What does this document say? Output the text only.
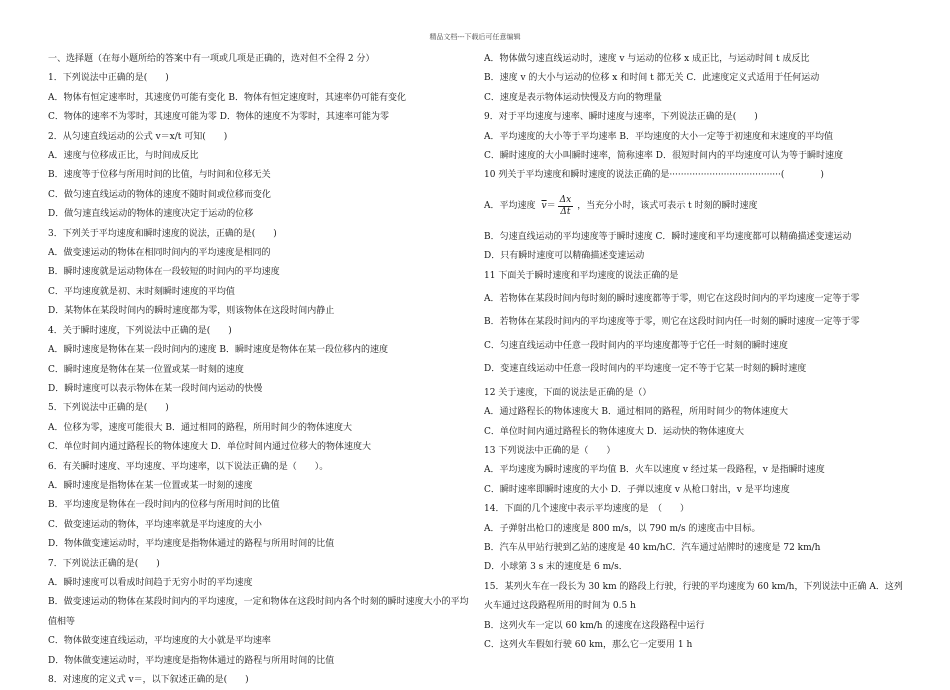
精品文档---下载后可任意编辑
一、选择题（在每小题所给的答案中有一项或几项是正确的，选对但不全得 2 分）
1．下列说法中正确的是(　　)
A．物体有恒定速率时，其速度仍可能有变化 B．物体有恒定速度时，其速率仍可能有变化
C．物体的速率不为零时，其速度可能为零 D．物体的速度不为零时，其速率可能为零
2．从匀速直线运动的公式 v＝x/t 可知(　　)
A．速度与位移成正比，与时间成反比
B．速度等于位移与所用时间的比值，与时间和位移无关
C．做匀速直线运动的物体的速度不随时间或位移而变化
D．做匀速直线运动的物体的速度决定于运动的位移
3．下列关于平均速度和瞬时速度的说法，正确的是(　　)
A．做变速运动的物体在相同时间内的平均速度是相同的
B．瞬时速度就是运动物体在一段较短的时间内的平均速度
C．平均速度就是初、末时刻瞬时速度的平均值
D．某物体在某段时间内的瞬时速度都为零，则该物体在这段时间内静止
4．关于瞬时速度，下列说法中正确的是(　　)
A．瞬时速度是物体在某一段时间内的速度 B．瞬时速度是物体在某一段位移内的速度
C．瞬时速度是物体在某一位置或某一时刻的速度
D．瞬时速度可以表示物体在某一段时间内运动的快慢
5．下列说法中正确的是(　　)
A．位移为零，速度可能很大 B．通过相同的路程，所用时间少的物体速度大
C．单位时间内通过路程长的物体速度大 D．单位时间内通过位移大的物体速度大
6．有关瞬时速度、平均速度、平均速率，以下说法正确的是（　　）。
A．瞬时速度是指物体在某一位置或某一时刻的速度
B．平均速度是物体在一段时间内的位移与所用时间的比值
C．做变速运动的物体，平均速率就是平均速度的大小
D．物体做变速运动时，平均速度是指物体通过的路程与所用时间的比值
7．下列说法正确的是(　　)
A．瞬时速度可以看成时间趋于无穷小时的平均速度
B．做变速运动的物体在某段时间内的平均速度，一定和物体在这段时间内各个时刻的瞬时速度大小的平均值相等
C．物体做变速直线运动，平均速度的大小就是平均速率
D．物体做变速运动时，平均速度是指物体通过的路程与所用时间的比值
8．对速度的定义式 v＝，以下叙述正确的是(　　)
A．物体做匀速直线运动时，速度 v 与运动的位移 x 成正比，与运动时间 t 成反比
B．速度 v 的大小与运动的位移 x 和时间 t 都无关 C．此速度定义式适用于任何运动
C．速度是表示物体运动快慢及方向的物理量
9．对于平均速度与速率、瞬时速度与速率，下列说法正确的是(　　)
A．平均速度的大小等于平均速率 B．平均速度的大小一定等于初速度和末速度的平均值
C．瞬时速度的大小叫瞬时速率，简称速率 D．很短时间内的平均速度可认为等于瞬时速度
10 列关于平均速度和瞬时速度的说法正确的是·······································(　　　　)
A．平均速度 $\overline{v} = \frac{\Delta x}{\Delta t}$ ，当充分小时，该式可表示 t 时刻的瞬时速度
B．匀速直线运动的平均速度等于瞬时速度 C．瞬时速度和平均速度都可以精确描述变速运动
D．只有瞬时速度可以精确描述变速运动
11 下面关于瞬时速度和平均速度的说法正确的是
A．若物体在某段时间内每时刻的瞬时速度都等于零，则它在这段时间内的平均速度一定等于零
B．若物体在某段时间内的平均速度等于零，则它在这段时间内任一时刻的瞬时速度一定等于零
C．匀速直线运动中任意一段时间内的平均速度都等于它任一时刻的瞬时速度
D．变速直线运动中任意一段时间内的平均速度一定不等于它某一时刻的瞬时速度
12 关于速度，下面的说法是正确的是（）
A．通过路程长的物体速度大 B．通过相同的路程，所用时间少的物体速度大
C．单位时间内通过路程长的物体速度大 D．运动快的物体速度大
13 下列说法中正确的是（　　）
A．平均速度为瞬时速度的平均值 B．火车以速度 v 经过某一段路程，v 是指瞬时速度
C．瞬时速率即瞬时速度的大小 D．子弹以速度 v 从枪口射出，v 是平均速度
14．下面的几个速度中表示平均速度的是　（　　）
A．子弹射出枪口的速度是 800 m/s，以 790 m/s 的速度击中目标。
B．汽车从甲站行驶到乙站的速度是 40 km/hC．汽车通过站牌时的速度是 72 km/h
D．小球第 3 s 末的速度是 6 m/s．
15．某列火车在一段长为 30 km 的路段上行驶，行驶的平均速度为 60 km/h，下列说法中正确 A．这列火车通过这段路程所用的时间为 0.5 h
B．这列火车一定以 60 km/h 的速度在这段路程中运行
C．这列火车假如行驶 60 km，那么它一定要用 1 h
